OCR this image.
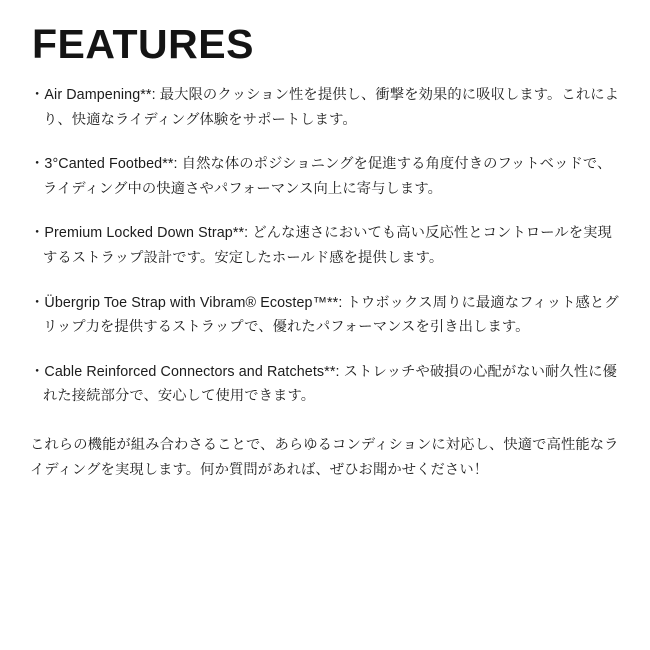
FEATURES
・Air Dampening**: 最大限のクッション性を提供し、衝撃を効果的に吸収します。これにより、快適なライディング体験をサポートします。
・3°Canted Footbed**: 自然な体のポジショニングを促進する角度付きのフットベッドで、ライディング中の快適さやパフォーマンス向上に寄与します。
・Premium Locked Down Strap**: どんな速さにおいても高い反応性とコントロールを実現するストラップ設計です。安定したホールド感を提供します。
・Übergrip Toe Strap with Vibram® Ecostep™**: トウボックス周りに最適なフィット感とグリップ力を提供するストラップで、優れたパフォーマンスを引き出します。
・Cable Reinforced Connectors and Ratchets**: ストレッチや破損の心配がない耐久性に優れた接続部分で、安心して使用できます。

これらの機能が組み合わさることで、あらゆるコンディションに対応し、快適で高性能なライディングを実現します。何か質問があれば、ぜひお聞かせください！
